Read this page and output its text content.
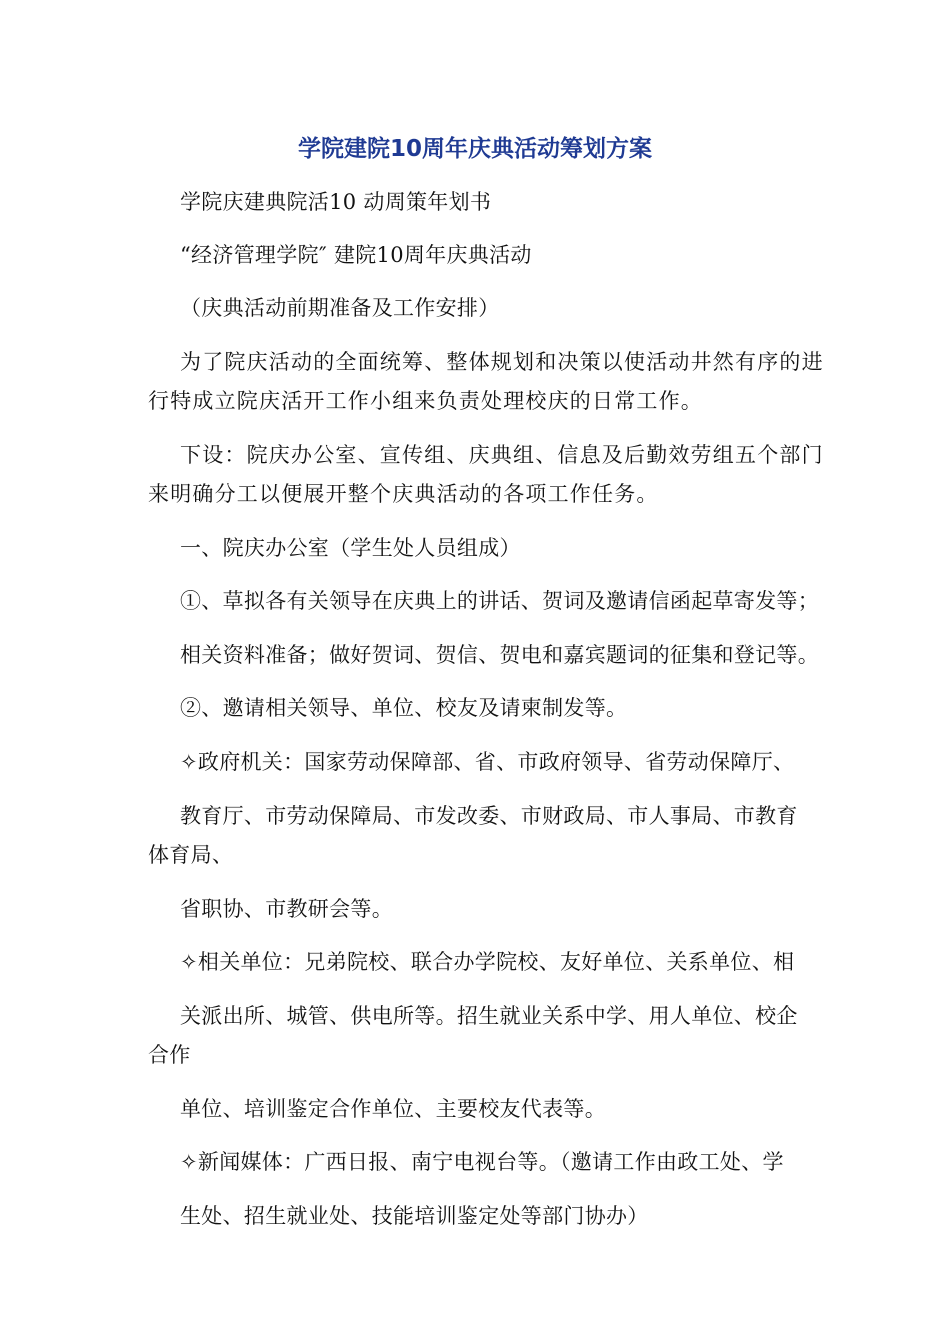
学院建院10周年庆典活动筹划方案
学院庆建典院活10 动周策年划书
“经济管理学院″ 建院10周年庆典活动
（庆典活动前期准备及工作安排）
为了院庆活动的全面统筹、整体规划和决策以使活动井然有序的进
行特成立院庆活开工作小组来负责处理校庆的日常工作。
下设：院庆办公室、宣传组、庆典组、信息及后勤效劳组五个部门
来明确分工以便展开整个庆典活动的各项工作任务。
一、院庆办公室（学生处人员组成）
①、草拟各有关领导在庆典上的讲话、贺词及邀请信函起草寄发等；
相关资料准备；做好贺词、贺信、贺电和嘉宾题词的征集和登记等。
②、邀请相关领导、单位、校友及请柬制发等。
✧政府机关：国家劳动保障部、省、市政府领导、省劳动保障厅、
教育厅、市劳动保障局、市发改委、市财政局、市人事局、市教育
体育局、
省职协、市教研会等。
✧相关单位：兄弟院校、联合办学院校、友好单位、关系单位、相
关派出所、城管、供电所等。招生就业关系中学、用人单位、校企
合作
单位、培训鉴定合作单位、主要校友代表等。
✧新闻媒体：广西日报、南宁电视台等。（邀请工作由政工处、学
生处、招生就业处、技能培训鉴定处等部门协办）
